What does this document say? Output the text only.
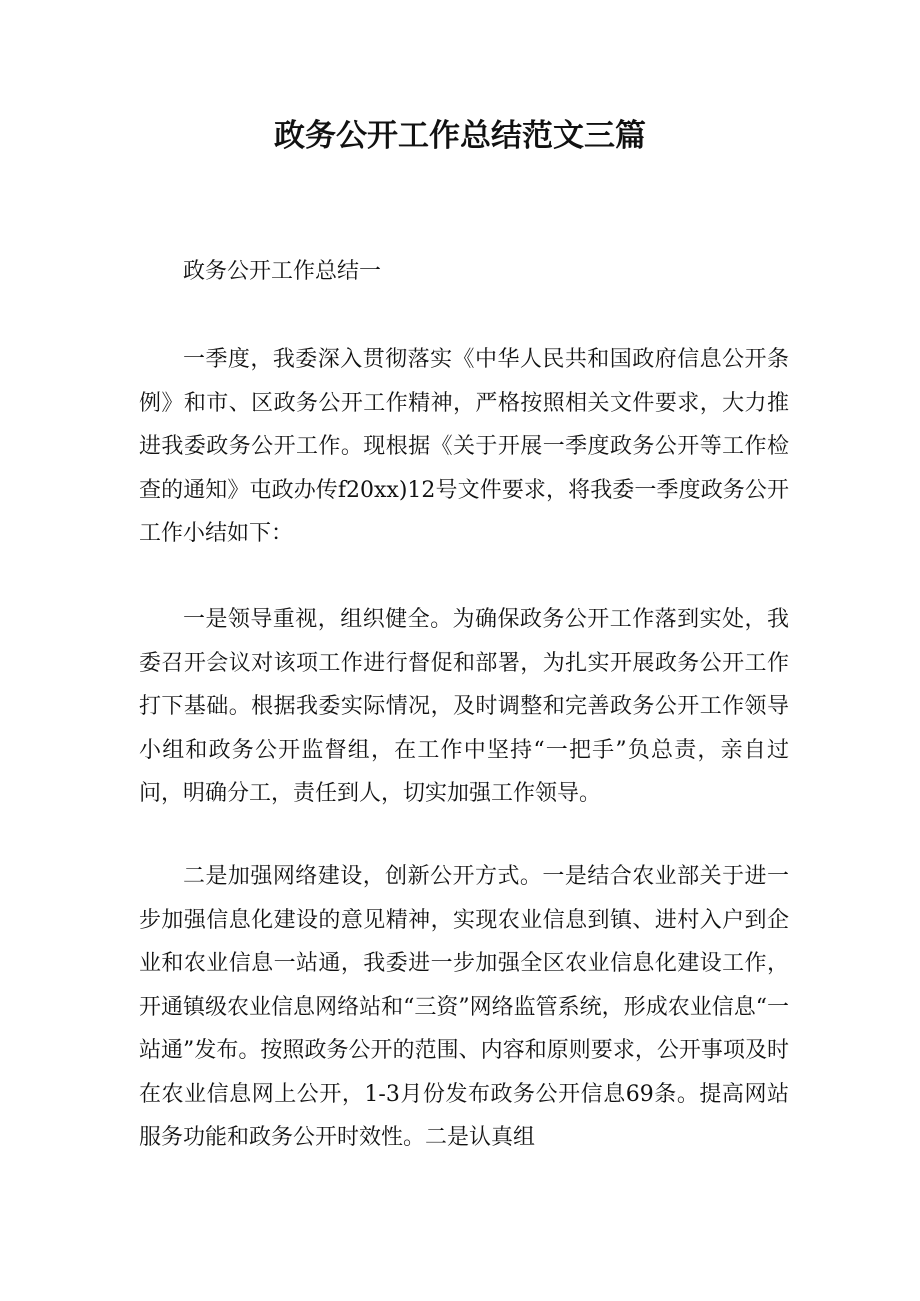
政务公开工作总结范文三篇

政务公开工作总结一

一季度，我委深入贯彻落实《中华人民共和国政府信息公开条例》和市、区政务公开工作精神，严格按照相关文件要求，大力推进我委政务公开工作。现根据《关于开展一季度政务公开等工作检查的通知》屯政办传f20xx)12号文件要求，将我委一季度政务公开工作小结如下：

一是领导重视，组织健全。为确保政务公开工作落到实处，我委召开会议对该项工作进行督促和部署，为扎实开展政务公开工作打下基础。根据我委实际情况，及时调整和完善政务公开工作领导小组和政务公开监督组，在工作中坚持“一把手”负总责，亲自过问，明确分工，责任到人，切实加强工作领导。

二是加强网络建设，创新公开方式。一是结合农业部关于进一步加强信息化建设的意见精神，实现农业信息到镇、进村入户到企业和农业信息一站通，我委进一步加强全区农业信息化建设工作，开通镇级农业信息网络站和“三资”网络监管系统，形成农业信息“一站通”发布。按照政务公开的范围、内容和原则要求，公开事项及时在农业信息网上公开，1-3月份发布政务公开信息69条。提高网站服务功能和政务公开时效性。二是认真组
